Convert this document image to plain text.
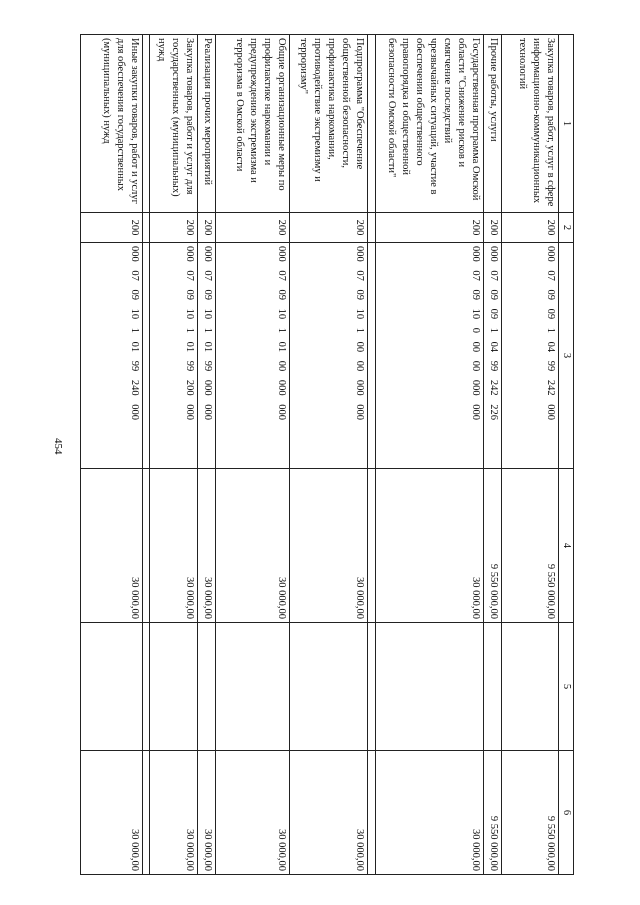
454
1	2	3	4	5	6
Закупка товаров, работ, услуг в сфере информационно-коммуникационных технологий	200	000 07 09 09 1 04 99 242 000	9 550 000,00		9 550 000,00
Прочие работы, услуги	200	000 07 09 09 1 04 99 242 226	9 550 000,00		9 550 000,00
Государственная программа Омской области "Снижение рисков и смягчение последствий чрезвычайных ситуаций, участие в обеспечении общественного правопорядка и общественной безопасности Омской области"	200	000 07 09 10 0 00 00 000 000	30 000,00		30 000,00

Подпрограмма "Обеспечение общественной безопасности, профилактика наркомании, противодействие экстремизму и терроризму"	200	000 07 09 10 1 00 00 000 000	30 000,00		30 000,00
Общие организационные меры по профилактике наркомании и предупреждению экстремизма и терроризма в Омской области	200	000 07 09 10 1 01 00 000 000	30 000,00		30 000,00
Реализация прочих мероприятий	200	000 07 09 10 1 01 99 000 000	30 000,00		30 000,00
Закупка товаров, работ и услуг для государственных (муниципальных) нужд	200	000 07 09 10 1 01 99 200 000	30 000,00		30 000,00

Иные закупки товаров, работ и услуг для обеспечения государственных (муниципальных) нужд	200	000 07 09 10 1 01 99 240 000	30 000,00		30 000,00
